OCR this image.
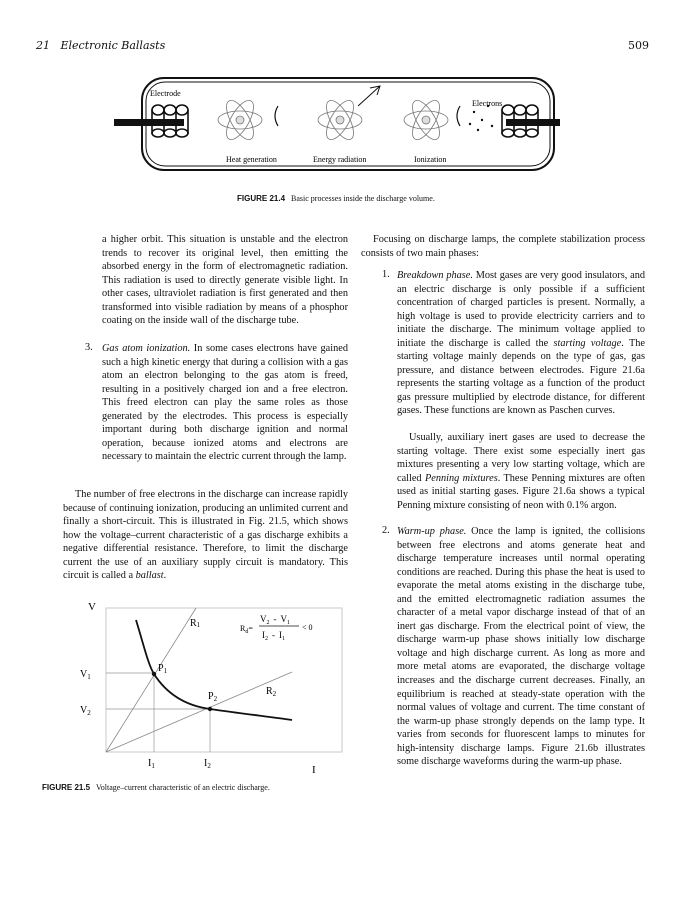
21   Electronic Ballasts	509
Electrode
Electrons
Heat generation	Energy radiation	Ionization
FIGURE 21.4 Basic processes inside the discharge volume.
a higher orbit. This situation is unstable and the electron trends to recover its original level, then emitting the absorbed energy in the form of electromagnetic radiation. This radiation is used to directly generate visible light. In other cases, ultraviolet radiation is first generated and then transformed into visible radiation by means of a phosphor coating on the inside wall of the discharge tube.
3. Gas atom ionization. In some cases electrons have gained such a high kinetic energy that during a collision with a gas atom an electron belonging to the gas atom is freed, resulting in a positively charged ion and a free electron. This freed electron can play the same roles as those generated by the electrodes. This process is especially important during both discharge ignition and normal operation, because ionized atoms and electrons are necessary to maintain the electric current through the lamp.
The number of free electrons in the discharge can increase rapidly because of continuing ionization, producing an unlimited current and finally a short-circuit. This is illustrated in Fig. 21.5, which shows how the voltage–current characteristic of a gas discharge exhibits a negative differential resistance. Therefore, to limit the discharge current the use of an auxiliary supply circuit is mandatory. This circuit is called a ballast.
V
I
$V_1$
$V_2$
$I_1$	$I_2$
$P_1$
$P_2$
R1
$R_2$
$R_d=$
$V_2 - V_1$
$I_2 - I_1$
< 0
FIGURE 21.5 Voltage–current characteristic of an electric discharge.
Focusing on discharge lamps, the complete stabilization process consists of two main phases:
1. Breakdown phase. Most gases are very good insulators, and an electric discharge is only possible if a sufficient concentration of charged particles is present. Normally, a high voltage is used to provide electricity carriers and to initiate the discharge. The minimum voltage applied to initiate the discharge is called the starting voltage. The starting voltage mainly depends on the type of gas, gas pressure, and distance between electrodes. Figure 21.6a represents the starting voltage as a function of the product gas pressure multiplied by electrode distance, for different gases. These functions are known as Paschen curves.
Usually, auxiliary inert gases are used to decrease the starting voltage. There exist some especially inert gas mixtures presenting a very low starting voltage, which are called Penning mixtures. These Penning mixtures are often used as initial starting gases. Figure 21.6a shows a typical Penning mixture consisting of neon with 0.1% argon.
2. Warm-up phase. Once the lamp is ignited, the collisions between free electrons and atoms generate heat and discharge temperature increases until normal operating conditions are reached. During this phase the heat is used to evaporate the metal atoms existing in the discharge tube, and the emitted electromagnetic radiation assumes the character of a metal vapor discharge instead of that of an inert gas discharge. From the electrical point of view, the discharge warm-up phase shows initially low discharge voltage and high discharge current. As long as more and more metal atoms are evaporated, the discharge voltage increases and the discharge current decreases. Finally, an equilibrium is reached at steady-state operation with the normal values of voltage and current. The time constant of the warm-up phase strongly depends on the lamp type. It varies from seconds for fluorescent lamps to minutes for high-intensity discharge lamps. Figure 21.6b illustrates some discharge waveforms during the warm-up phase.
